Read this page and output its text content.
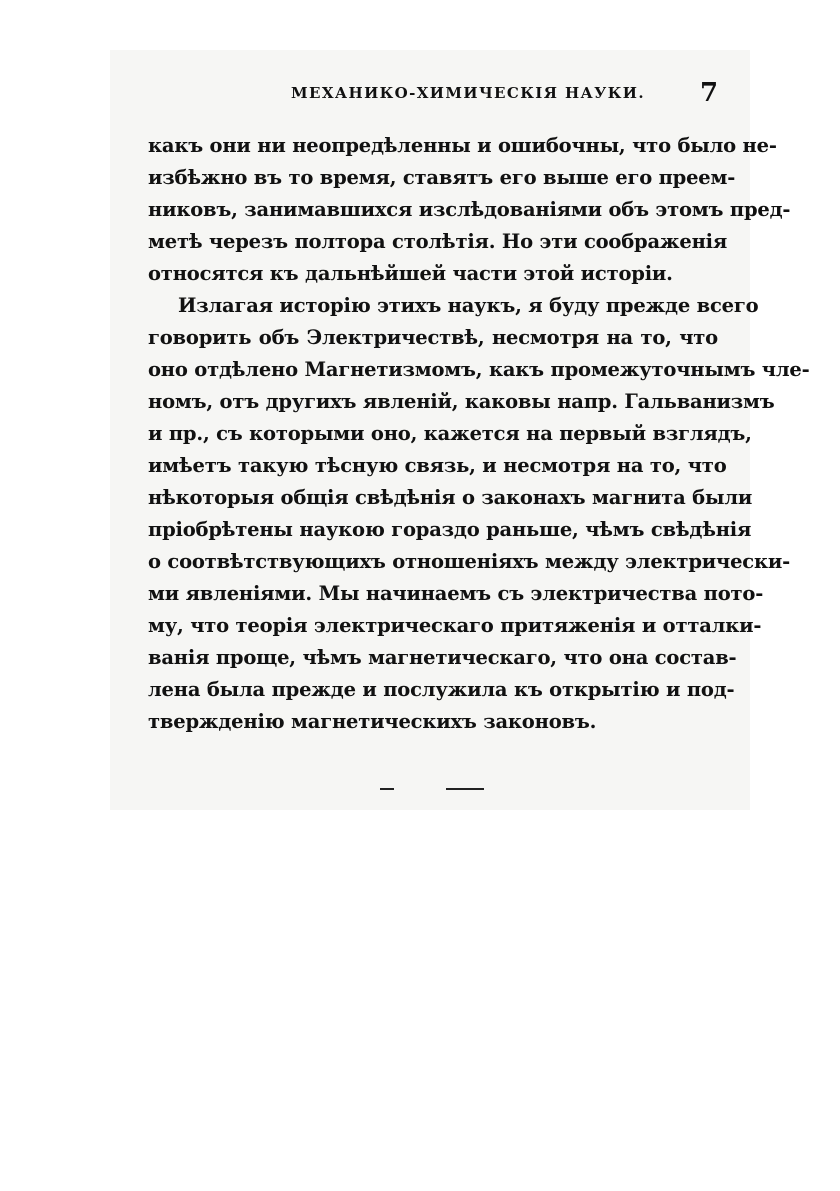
МЕХАНИКО-ХИМИЧЕСКІЯ НАУКИ. 7
какъ они ни неопредѣленны и ошибочны, что было не-
избѣжно въ то время, ставятъ его выше его преем-
никовъ, занимавшихся изслѣдованіями объ этомъ пред-
метѣ черезъ полтора столѣтія. Но эти соображенія
относятся къ дальнѣйшей части этой исторіи.
Излагая исторію этихъ наукъ, я буду прежде всего
говорить объ Электричествѣ, несмотря на то, что
оно отдѣлено Магнетизмомъ, какъ промежуточнымъ чле-
номъ, отъ другихъ явленій, каковы напр. Гальванизмъ
и пр., съ которыми оно, кажется на первый взглядъ,
имѣетъ такую тѣсную связь, и несмотря на то, что
нѣкоторыя общія свѣдѣнія о законахъ магнита были
пріобрѣтены наукою гораздо раньше, чѣмъ свѣдѣнія
о соотвѣтствующихъ отношеніяхъ между электрически-
ми явленіями. Мы начинаемъ съ электричества пото-
му, что теорія электрическаго притяженія и отталки-
ванія проще, чѣмъ магнетическаго, что она состав-
лена была прежде и послужила къ открытію и под-
твержденію магнетическихъ законовъ.
